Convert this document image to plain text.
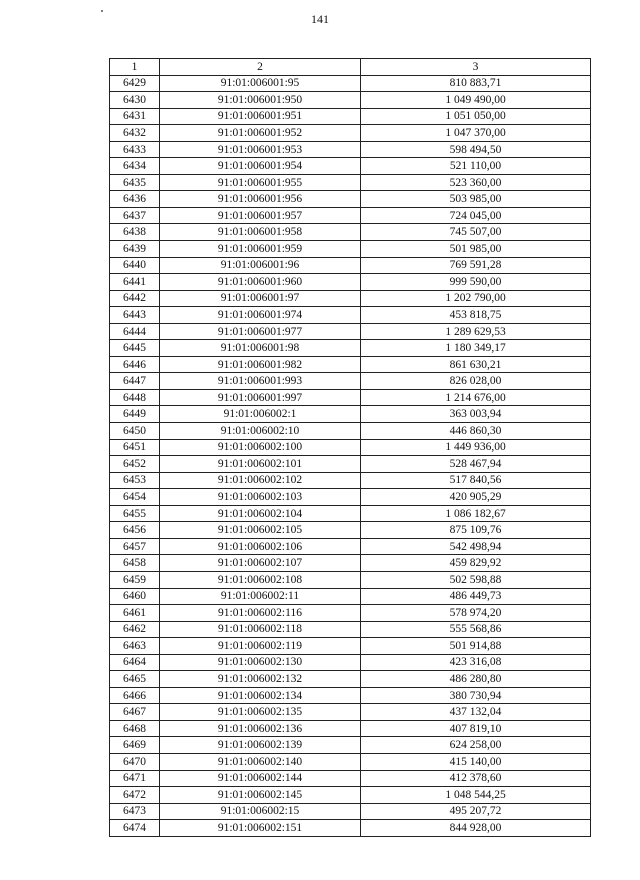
141
1	2	3
6429	91:01:006001:95	810 883,71
6430	91:01:006001:950	1 049 490,00
6431	91:01:006001:951	1 051 050,00
6432	91:01:006001:952	1 047 370,00
6433	91:01:006001:953	598 494,50
6434	91:01:006001:954	521 110,00
6435	91:01:006001:955	523 360,00
6436	91:01:006001:956	503 985,00
6437	91:01:006001:957	724 045,00
6438	91:01:006001:958	745 507,00
6439	91:01:006001:959	501 985,00
6440	91:01:006001:96	769 591,28
6441	91:01:006001:960	999 590,00
6442	91:01:006001:97	1 202 790,00
6443	91:01:006001:974	453 818,75
6444	91:01:006001:977	1 289 629,53
6445	91:01:006001:98	1 180 349,17
6446	91:01:006001:982	861 630,21
6447	91:01:006001:993	826 028,00
6448	91:01:006001:997	1 214 676,00
6449	91:01:006002:1	363 003,94
6450	91:01:006002:10	446 860,30
6451	91:01:006002:100	1 449 936,00
6452	91:01:006002:101	528 467,94
6453	91:01:006002:102	517 840,56
6454	91:01:006002:103	420 905,29
6455	91:01:006002:104	1 086 182,67
6456	91:01:006002:105	875 109,76
6457	91:01:006002:106	542 498,94
6458	91:01:006002:107	459 829,92
6459	91:01:006002:108	502 598,88
6460	91:01:006002:11	486 449,73
6461	91:01:006002:116	578 974,20
6462	91:01:006002:118	555 568,86
6463	91:01:006002:119	501 914,88
6464	91:01:006002:130	423 316,08
6465	91:01:006002:132	486 280,80
6466	91:01:006002:134	380 730,94
6467	91:01:006002:135	437 132,04
6468	91:01:006002:136	407 819,10
6469	91:01:006002:139	624 258,00
6470	91:01:006002:140	415 140,00
6471	91:01:006002:144	412 378,60
6472	91:01:006002:145	1 048 544,25
6473	91:01:006002:15	495 207,72
6474	91:01:006002:151	844 928,00
